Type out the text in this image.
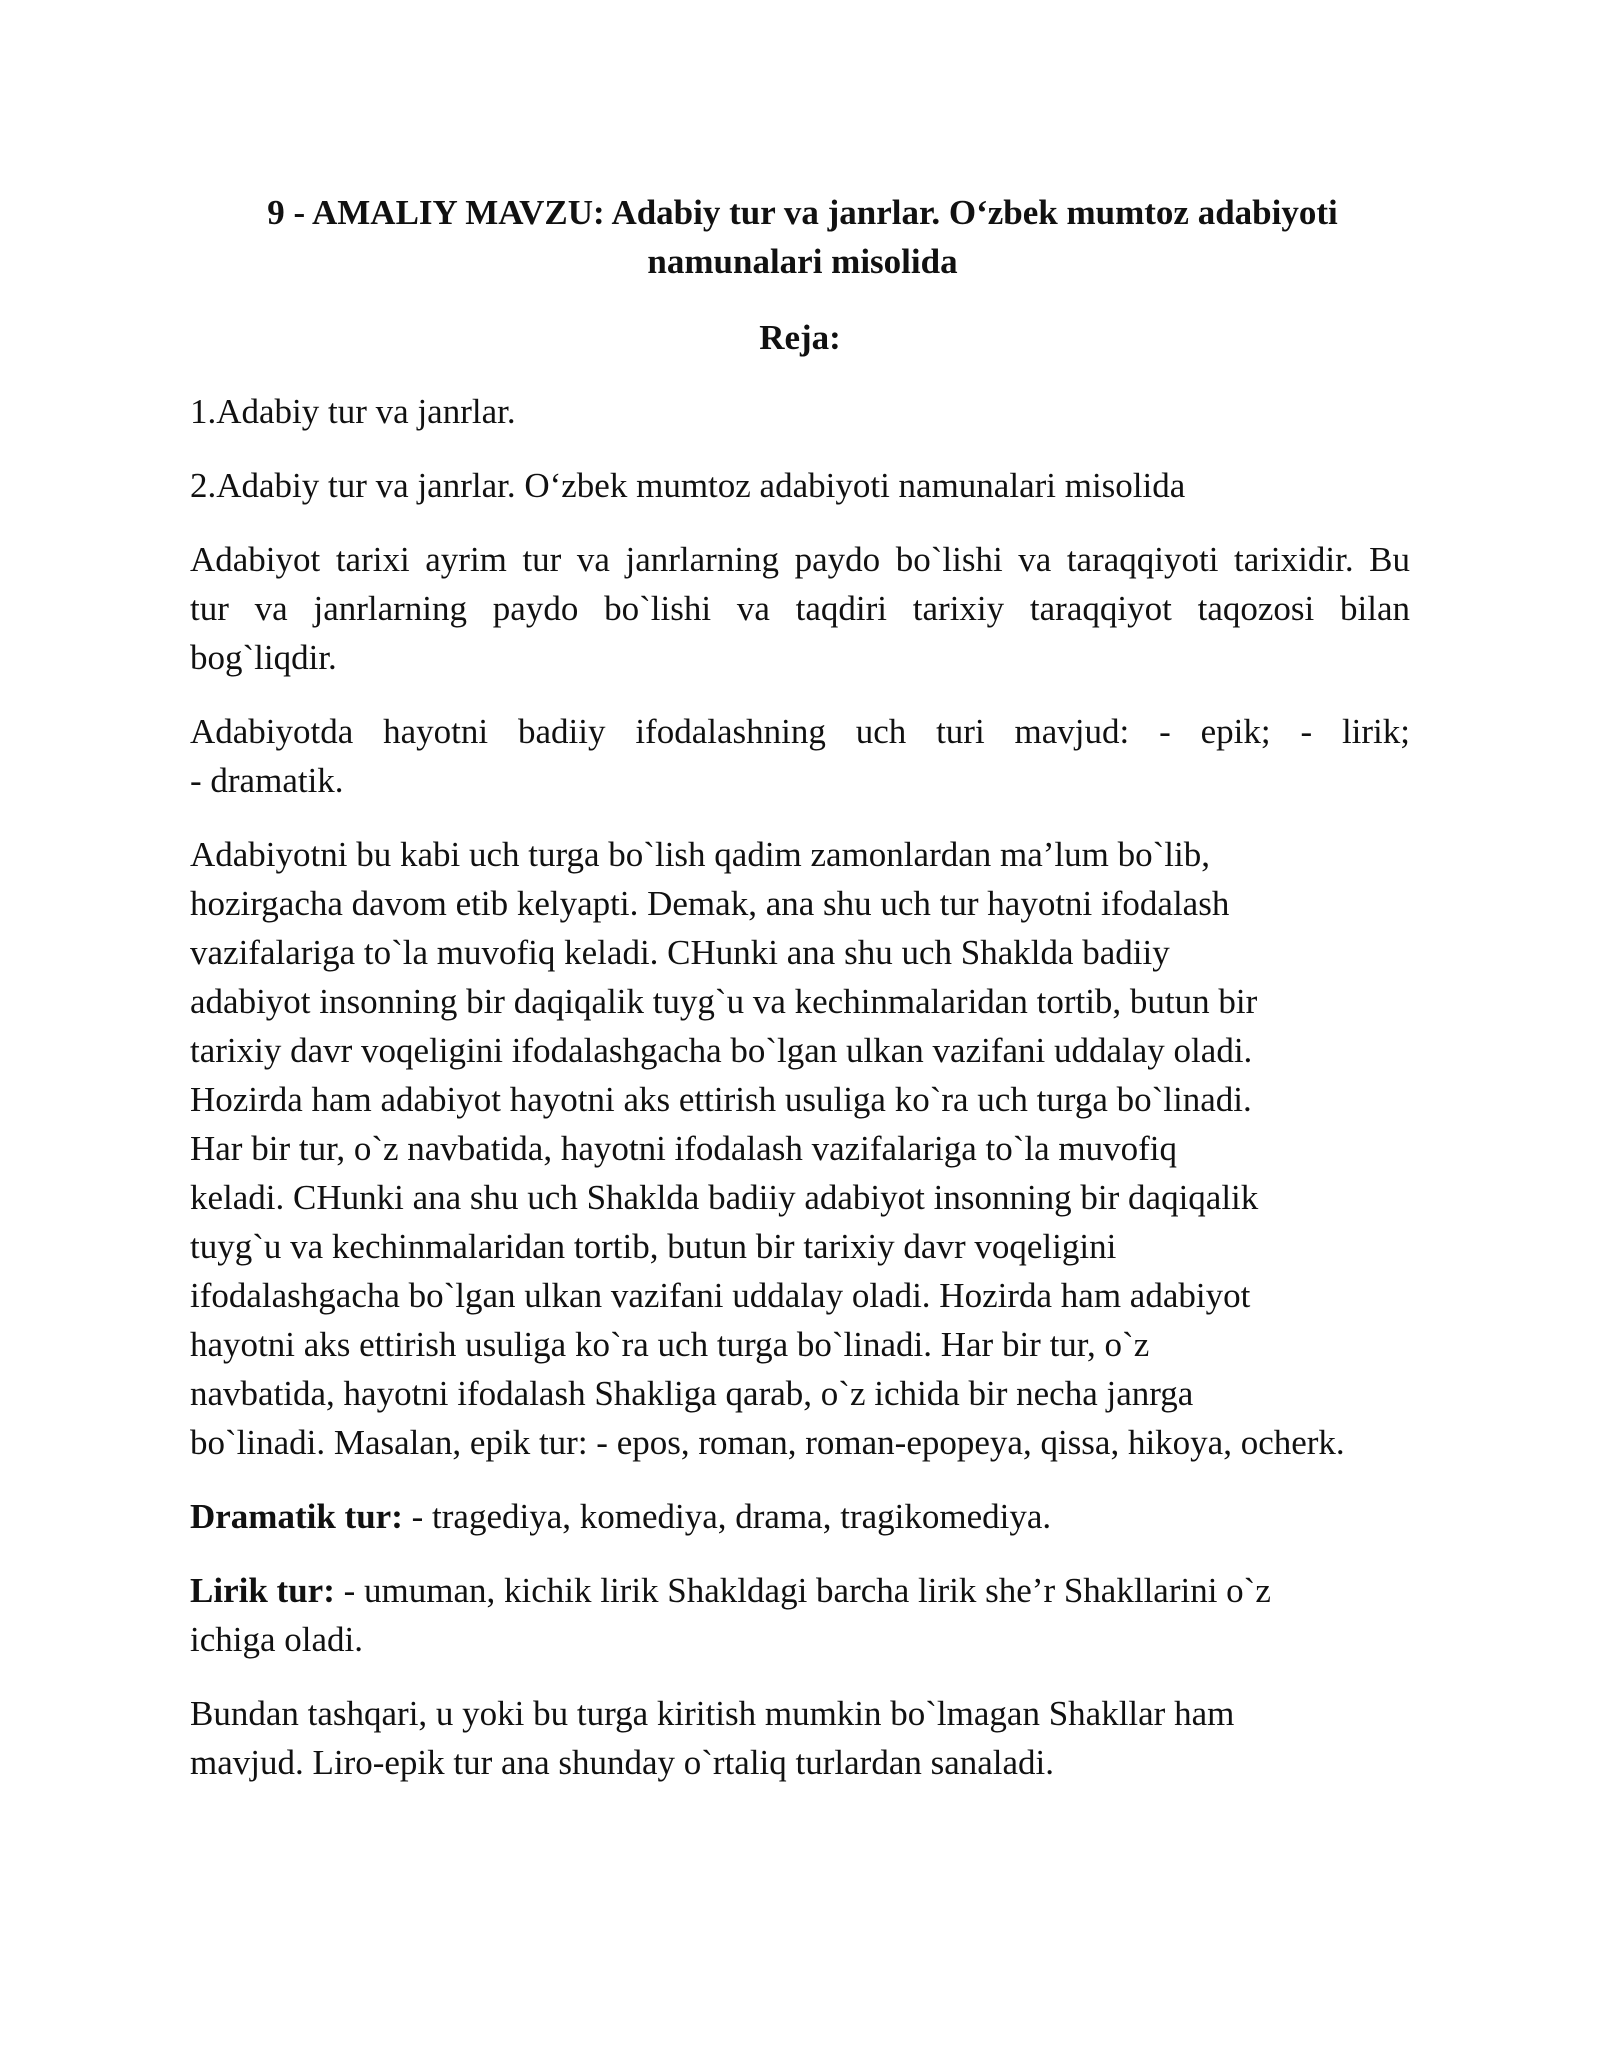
9 - AMALIY MAVZU: Adabiy tur va janrlar. O‘zbek mumtoz adabiyoti namunalari misolida
Reja:
1.Adabiy tur va janrlar.
2.Adabiy tur va janrlar. O‘zbek mumtoz adabiyoti namunalari misolida
Adabiyot tarixi ayrim tur va janrlarning paydo bo`lishi va taraqqiyoti tarixidir. Bu
tur va janrlarning paydo bo`lishi va taqdiri tarixiy taraqqiyot taqozosi bilan
bog`liqdir.
Adabiyotda hayotni badiiy ifodalashning uch turi mavjud: - epik; - lirik;
- dramatik.
Adabiyotni bu kabi uch turga bo`lish qadim zamonlardan ma’lum bo`lib,
hozirgacha davom etib kelyapti. Demak, ana shu uch tur hayotni ifodalash
vazifalariga to`la muvofiq keladi. CHunki ana shu uch Shaklda badiiy
adabiyot insonning bir daqiqalik tuyg`u va kechinmalaridan tortib, butun bir
tarixiy davr voqeligini ifodalashgacha bo`lgan ulkan vazifani uddalay oladi.
Hozirda ham adabiyot hayotni aks ettirish usuliga ko`ra uch turga bo`linadi.
Har bir tur, o`z navbatida, hayotni ifodalash vazifalariga to`la muvofiq
keladi. CHunki ana shu uch Shaklda badiiy adabiyot insonning bir daqiqalik
tuyg`u va kechinmalaridan tortib, butun bir tarixiy davr voqeligini
ifodalashgacha bo`lgan ulkan vazifani uddalay oladi. Hozirda ham adabiyot
hayotni aks ettirish usuliga ko`ra uch turga bo`linadi. Har bir tur, o`z
navbatida, hayotni ifodalash Shakliga qarab, o`z ichida bir necha janrga
bo`linadi. Masalan, epik tur: - epos, roman, roman-epopeya, qissa, hikoya, ocherk.
Dramatik tur: - tragediya, komediya, drama, tragikomediya.
Lirik tur: - umuman, kichik lirik Shakldagi barcha lirik she’r Shakllarini o`z
ichiga oladi.
Bundan tashqari, u yoki bu turga kiritish mumkin bo`lmagan Shakllar ham
mavjud. Liro-epik tur ana shunday o`rtaliq turlardan sanaladi.
